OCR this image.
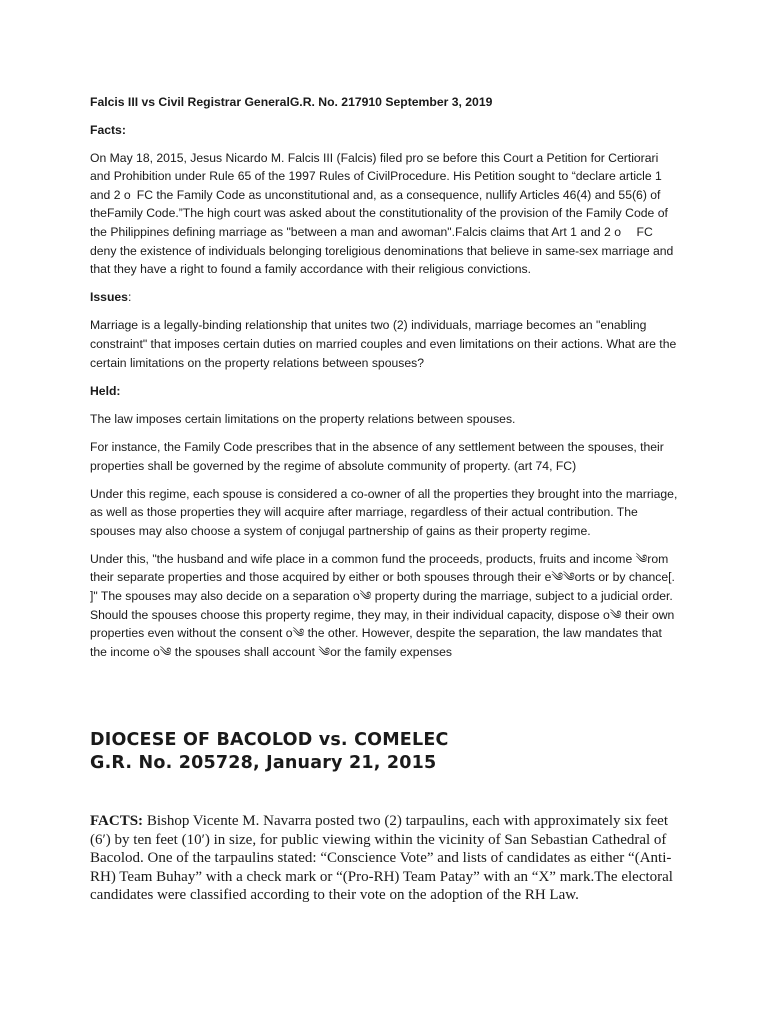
Falcis III vs Civil Registrar GeneralG.R. No. 217910 September 3, 2019

Facts:

On May 18, 2015, Jesus Nicardo M. Falcis III (Falcis) filed pro se before this Court a Petition for Certiorari and Prohibition under Rule 65 of the 1997 Rules of CivilProcedure. His Petition sought to “declare article 1 and 2 o FC the Family Code as unconstitutional and, as a consequence, nullify Articles 46(4) and 55(6) of theFamily Code.”The high court was asked about the constitutionality of the provision of the Family Code of the Philippines defining marriage as "between a man and awoman".Falcis claims that Art 1 and 2 o  FC deny the existence of individuals belonging toreligious denominations that believe in same-sex marriage and that they have a right to found a family accordance with their religious convictions.

Issues:

Marriage is a legally-binding relationship that unites two (2) individuals, marriage becomes an "enabling constraint" that imposes certain duties on married couples and even limitations on their actions. What are the certain limitations on the property relations between spouses?

Held:

The law imposes certain limitations on the property relations between spouses.

For instance, the Family Code prescribes that in the absence of any settlement between the spouses, their properties shall be governed by the regime of absolute community of property. (art 74, FC)

Under this regime, each spouse is considered a co-owner of all the properties they brought into the marriage, as well as those properties they will acquire after marriage, regardless of their actual contribution. The spouses may also choose a system of conjugal partnership of gains as their property regime.

Under this, "the husband and wife place in a common fund the proceeds, products, fruits and income ༄rom their separate properties and those acquired by either or both spouses through their e༄༄orts or by chance[. ]" The spouses may also decide on a separation o༄ property during the marriage, subject to a judicial order. Should the spouses choose this property regime, they may, in their individual capacity, dispose o༄ their own properties even without the consent o༄ the other. However, despite the separation, the law mandates that the income o༄ the spouses shall account ༄or the family expenses

DIOCESE OF BACOLOD vs. COMELEC
G.R. No. 205728, January 21, 2015

FACTS: Bishop Vicente M. Navarra posted two (2) tarpaulins, each with approximately six feet (6′) by ten feet (10′) in size, for public viewing within the vicinity of San Sebastian Cathedral of Bacolod. One of the tarpaulins stated: “Conscience Vote” and lists of candidates as either “(Anti-RH) Team Buhay” with a check mark or “(Pro-RH) Team Patay” with an “X” mark.The electoral candidates were classified according to their vote on the adoption of the RH Law.
